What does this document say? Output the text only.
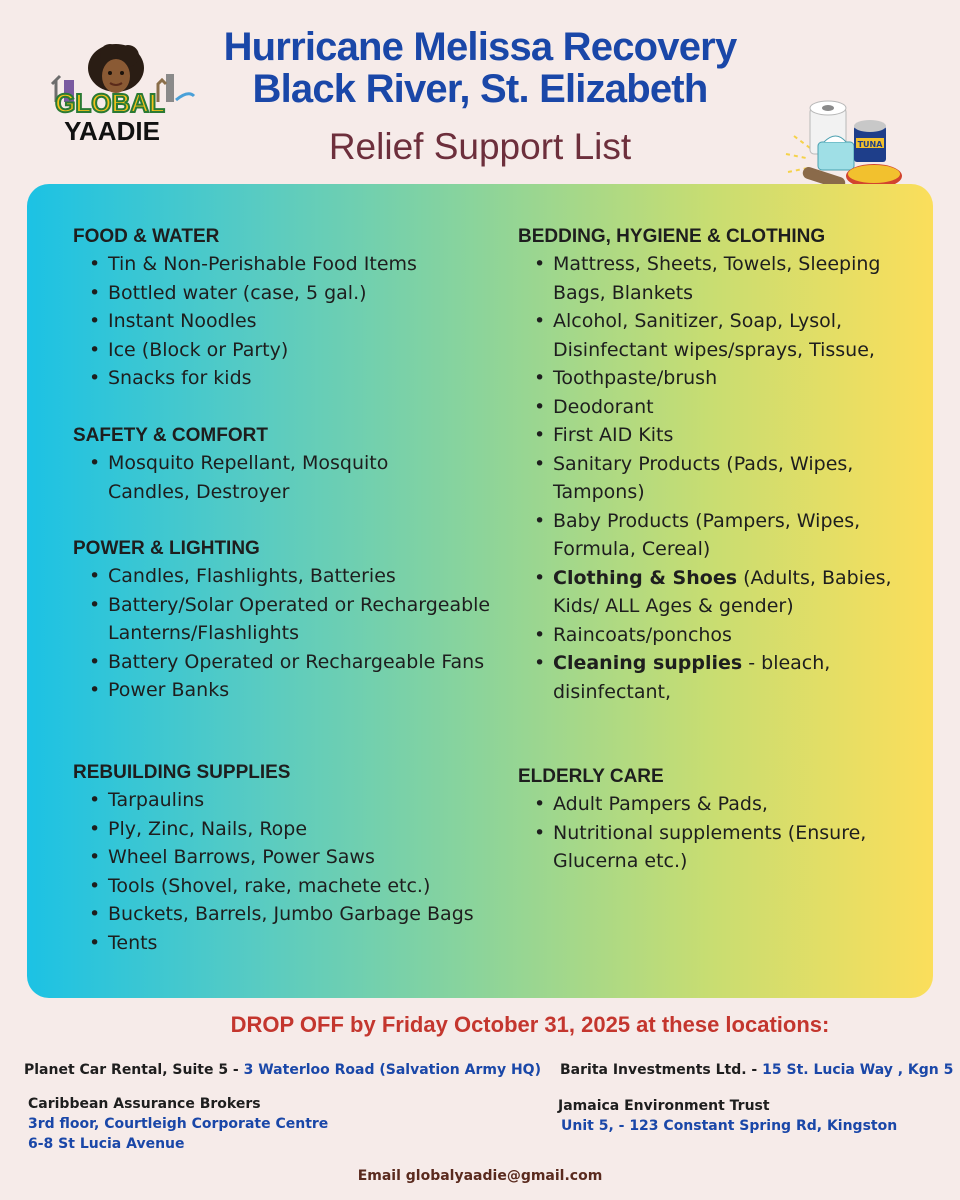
GLOBAL
YAADIE	TUNA
Hurricane Melissa Recovery
Black River, St. Elizabeth
Relief Support List
FOOD & WATER
• Tin & Non-Perishable Food Items
• Bottled water (case, 5 gal.)
• Instant Noodles
• Ice (Block or Party)
• Snacks for kids
SAFETY & COMFORT
• Mosquito Repellant, Mosquito Candles, Destroyer
POWER & LIGHTING
• Candles, Flashlights, Batteries
• Battery/Solar Operated or Rechargeable Lanterns/Flashlights
• Battery Operated or Rechargeable Fans
• Power Banks
REBUILDING SUPPLIES
• Tarpaulins
• Ply, Zinc, Nails, Rope
• Wheel Barrows, Power Saws
• Tools (Shovel, rake, machete etc.)
• Buckets, Barrels, Jumbo Garbage Bags
• Tents
BEDDING, HYGIENE & CLOTHING
• Mattress, Sheets, Towels, Sleeping Bags, Blankets
• Alcohol, Sanitizer, Soap, Lysol, Disinfectant wipes/sprays, Tissue,
• Toothpaste/brush
• Deodorant
• First AID Kits
• Sanitary Products (Pads, Wipes, Tampons)
• Baby Products (Pampers, Wipes, Formula, Cereal)
• Clothing & Shoes (Adults, Babies, Kids/ ALL Ages & gender)
• Raincoats/ponchos
• Cleaning supplies - bleach, disinfectant,
ELDERLY CARE
• Adult Pampers & Pads,
• Nutritional supplements (Ensure, Glucerna etc.)
DROP OFF by Friday October 31, 2025 at these locations:
Planet Car Rental, Suite 5 - 3 Waterloo Road (Salvation Army HQ) Barita Investments Ltd. - 15 St. Lucia Way , Kgn 5
Caribbean Assurance Brokers
3rd floor, Courtleigh Corporate Centre
6-8 St Lucia Avenue
Jamaica Environment Trust
Unit 5, - 123 Constant Spring Rd, Kingston
Email globalyaadie@gmail.com
